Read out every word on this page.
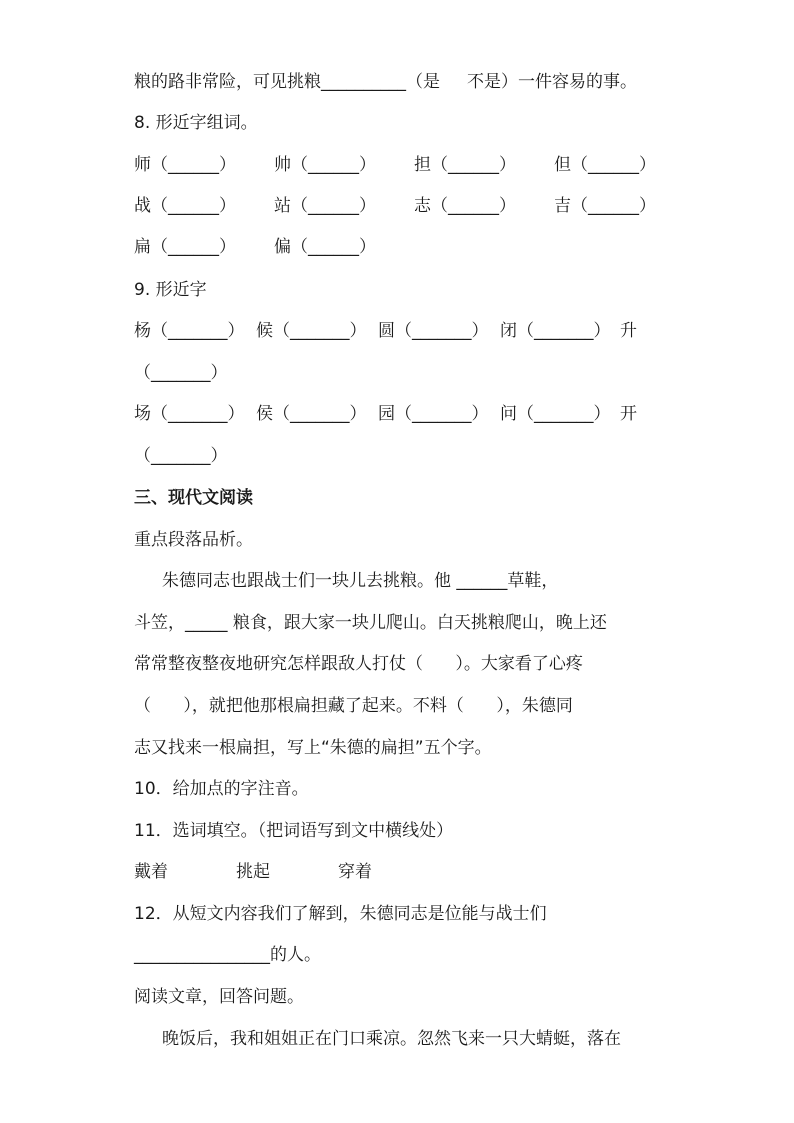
粮的路非常险，可见挑粮__________（是     不是）一件容易的事。
8. 形近字组词。
师（______） 帅（______） 担（______） 但（______）
战（______） 站（______） 志（______） 吉（______）
扁（______） 偏（______）
9. 形近字
杨（_______） 候（_______） 圆（_______） 闭（_______） 升
（_______）
场（_______） 侯（_______） 园（_______） 问（_______） 开
（_______）
三、现代文阅读
重点段落品析。
朱德同志也跟战士们一块儿去挑粮。他 ______草鞋，
斗笠，_____ 粮食，跟大家一块儿爬山。白天挑粮爬山，晚上还
常常整夜整夜地研究怎样跟敌人打仗（      ）。大家看了心疼
（      ），就把他那根扁担藏了起来。不料（      ），朱德同
志又找来一根扁担，写上“朱德的扁担”五个字。
10．给加点的字注音。
11．选词填空。（把词语写到文中横线处）
戴着	挑起	穿着
12．从短文内容我们了解到，朱德同志是位能与战士们
________________的人。
阅读文章，回答问题。
晚饭后，我和姐姐正在门口乘凉。忽然飞来一只大蜻蜓，落在
